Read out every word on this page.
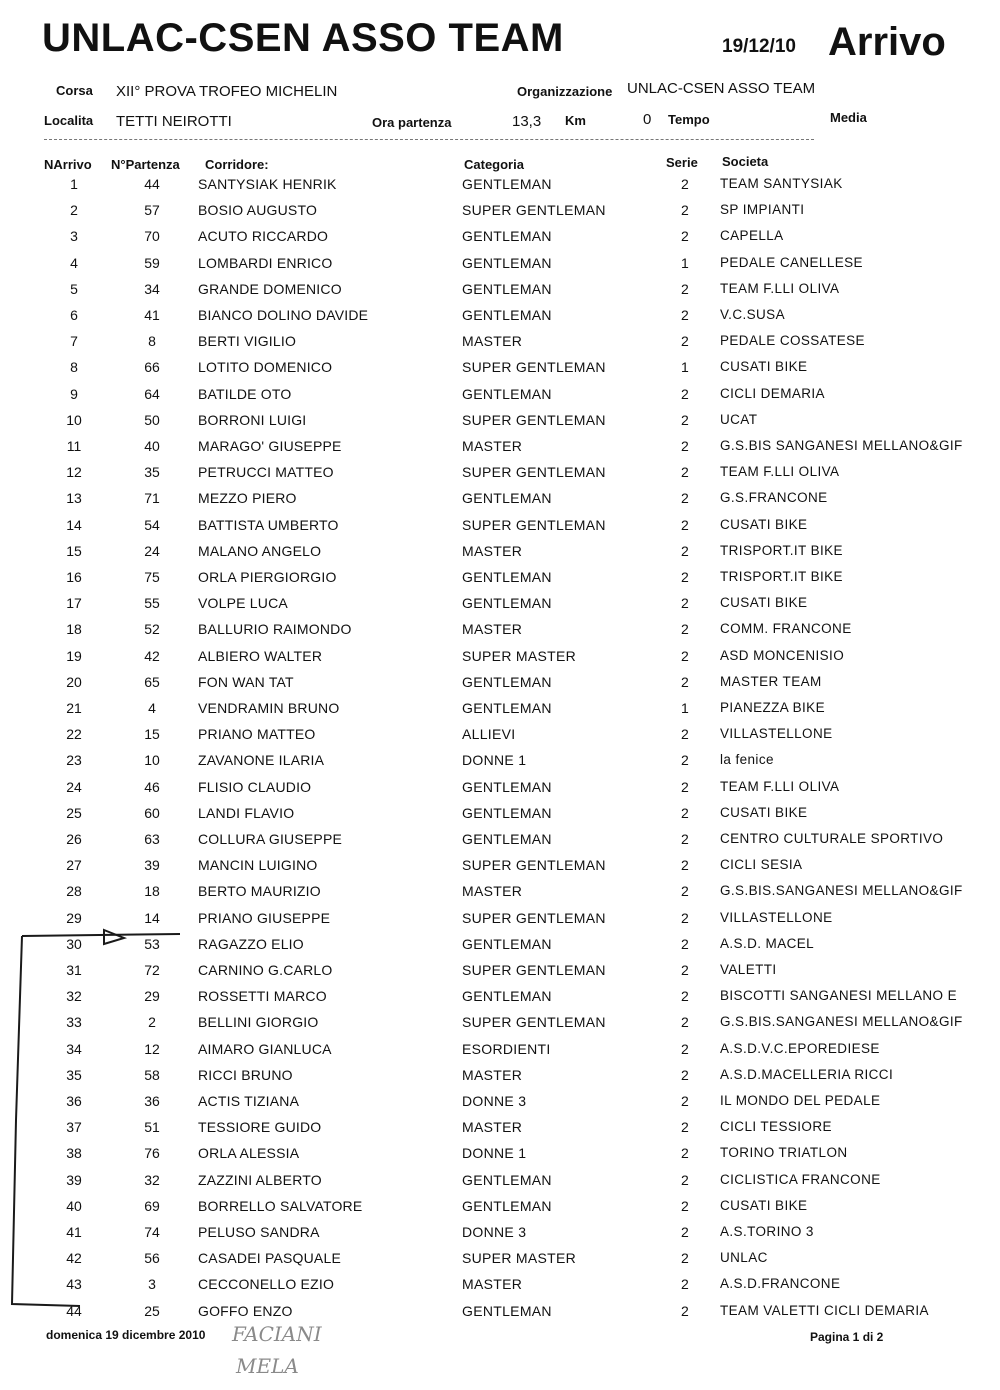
UNLAC-CSEN ASSO TEAM	19/12/10 Arrivo
Corsa XII° PROVA TROFEO MICHELIN	Organizzazione UNLAC-CSEN ASSO TEAM
Localita TETTI NEIROTTI	Ora partenza	13,3 Km	0 Tempo	Media
NArrivo N°Partenza Corridore:	Categoria	Serie Societa
1	44	SANTYSIAK HENRIK	GENTLEMAN	2 TEAM SANTYSIAK
2	57	BOSIO AUGUSTO	SUPER GENTLEMAN	2 SP IMPIANTI
3	70	ACUTO RICCARDO	GENTLEMAN	2 CAPELLA
4	59	LOMBARDI ENRICO	GENTLEMAN	1 PEDALE CANELLESE
5	34	GRANDE DOMENICO	GENTLEMAN	2 TEAM F.LLI OLIVA
6	41	BIANCO DOLINO DAVIDE	GENTLEMAN	2 V.C.SUSA
7	8	BERTI VIGILIO	MASTER	2 PEDALE COSSATESE
8	66	LOTITO DOMENICO	SUPER GENTLEMAN	1 CUSATI BIKE
9	64	BATILDE OTO	GENTLEMAN	2 CICLI DEMARIA
10	50	BORRONI LUIGI	SUPER GENTLEMAN	2 UCAT
11	40	MARAGO' GIUSEPPE	MASTER	2 G.S.BIS SANGANESI MELLANO&GIF
12	35	PETRUCCI MATTEO	SUPER GENTLEMAN	2 TEAM F.LLI OLIVA
13	71	MEZZO PIERO	GENTLEMAN	2 G.S.FRANCONE
14	54	BATTISTA UMBERTO	SUPER GENTLEMAN	2 CUSATI BIKE
15	24	MALANO ANGELO	MASTER	2 TRISPORT.IT BIKE
16	75	ORLA PIERGIORGIO	GENTLEMAN	2 TRISPORT.IT BIKE
17	55	VOLPE LUCA	GENTLEMAN	2 CUSATI BIKE
18	52	BALLURIO RAIMONDO	MASTER	2 COMM. FRANCONE
19	42	ALBIERO WALTER	SUPER MASTER	2 ASD MONCENISIO
20	65	FON WAN TAT	GENTLEMAN	2 MASTER TEAM
21	4	VENDRAMIN BRUNO	GENTLEMAN	1 PIANEZZA BIKE
22	15	PRIANO MATTEO	ALLIEVI	2 VILLASTELLONE
23	10	ZAVANONE ILARIA	DONNE 1	2 la fenice
24	46	FLISIO CLAUDIO	GENTLEMAN	2 TEAM F.LLI OLIVA
25	60	LANDI FLAVIO	GENTLEMAN	2 CUSATI BIKE
26	63	COLLURA GIUSEPPE	GENTLEMAN	2 CENTRO CULTURALE SPORTIVO
27	39	MANCIN LUIGINO	SUPER GENTLEMAN	2 CICLI SESIA
28	18	BERTO MAURIZIO	MASTER	2 G.S.BIS.SANGANESI MELLANO&GIF
29	14	PRIANO GIUSEPPE	SUPER GENTLEMAN	2 VILLASTELLONE
30	53	RAGAZZO ELIO	GENTLEMAN	2 A.S.D. MACEL
31	72	CARNINO G.CARLO	SUPER GENTLEMAN	2 VALETTI
32	29	ROSSETTI MARCO	GENTLEMAN	2 BISCOTTI SANGANESI MELLANO E
33	2	BELLINI GIORGIO	SUPER GENTLEMAN	2 G.S.BIS.SANGANESI MELLANO&GIF
34	12	AIMARO GIANLUCA	ESORDIENTI	2 A.S.D.V.C.EPOREDIESE
35	58	RICCI BRUNO	MASTER	2 A.S.D.MACELLERIA RICCI
36	36	ACTIS TIZIANA	DONNE 3	2 IL MONDO DEL PEDALE
37	51	TESSIORE GUIDO	MASTER	2 CICLI TESSIORE
38	76	ORLA ALESSIA	DONNE 1	2 TORINO TRIATLON
39	32	ZAZZINI ALBERTO	GENTLEMAN	2 CICLISTICA FRANCONE
40	69	BORRELLO SALVATORE	GENTLEMAN	2 CUSATI BIKE
41	74	PELUSO SANDRA	DONNE 3	2 A.S.TORINO 3
42	56	CASADEI PASQUALE	SUPER MASTER	2 UNLAC
43	3	CECCONELLO EZIO	MASTER	2 A.S.D.FRANCONE
44	25	GOFFO ENZO	GENTLEMAN	2 TEAM VALETTI CICLI DEMARIA
domenica 19 dicembre 2010	Pagina 1 di 2
FACIANI
MELA
